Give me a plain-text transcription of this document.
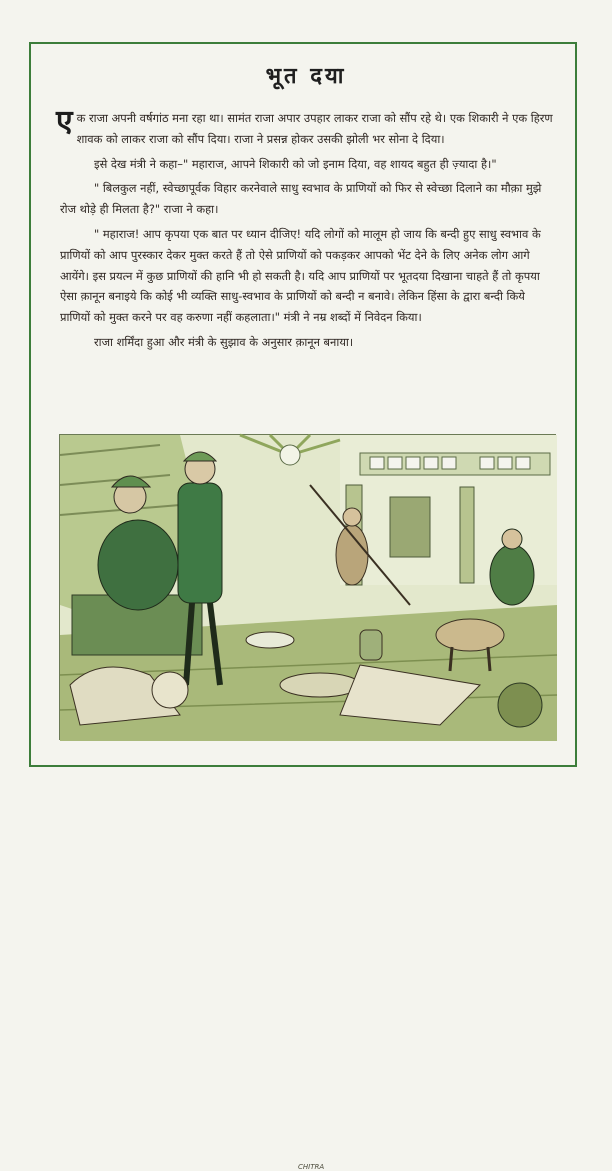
भूत दया

एक राजा अपनी वर्षगांठ मना रहा था। सामंत राजा अपार उपहार लाकर राजा को सौंप रहे थे। एक शिकारी ने एक हिरण शावक को लाकर राजा को सौंप दिया। राजा ने प्रसन्न होकर उसकी झोली भर सोना दे दिया।

इसे देख मंत्री ने कहा–" महाराज, आपने शिकारी को जो इनाम दिया, वह शायद बहुत ही ज़्यादा है।"

" बिलकुल नहीं, स्वेच्छापूर्वक विहार करनेवाले साधु स्वभाव के प्राणियों को फिर से स्वेच्छा दिलाने का मौक़ा मुझे रोज थोड़े ही मिलता है?" राजा ने कहा।

" महाराज! आप कृपया एक बात पर ध्यान दीजिए! यदि लोगों को मालूम हो जाय कि बन्दी हुए साधु स्वभाव के प्राणियों को आप पुरस्कार देकर मुक्त करते हैं तो ऐसे प्राणियों को पकड़कर आपको भेंट देने के लिए अनेक लोग आगे आयेंगे। इस प्रयत्न में कुछ प्राणियों की हानि भी हो सकती है। यदि आप प्राणियों पर भूतदया दिखाना चाहते हैं तो कृपया ऐसा क़ानून बनाइये कि कोई भी व्यक्ति साधु-स्वभाव के प्राणियों को बन्दी न बनावे। लेकिन हिंसा के द्वारा बन्दी किये प्राणियों को मुक्त करने पर वह करुणा नहीं कहलाता।" मंत्री ने नम्र शब्दों में निवेदन किया।

राजा शर्मिंदा हुआ और मंत्री के सुझाव के अनुसार क़ानून बनाया।

CHITRA
